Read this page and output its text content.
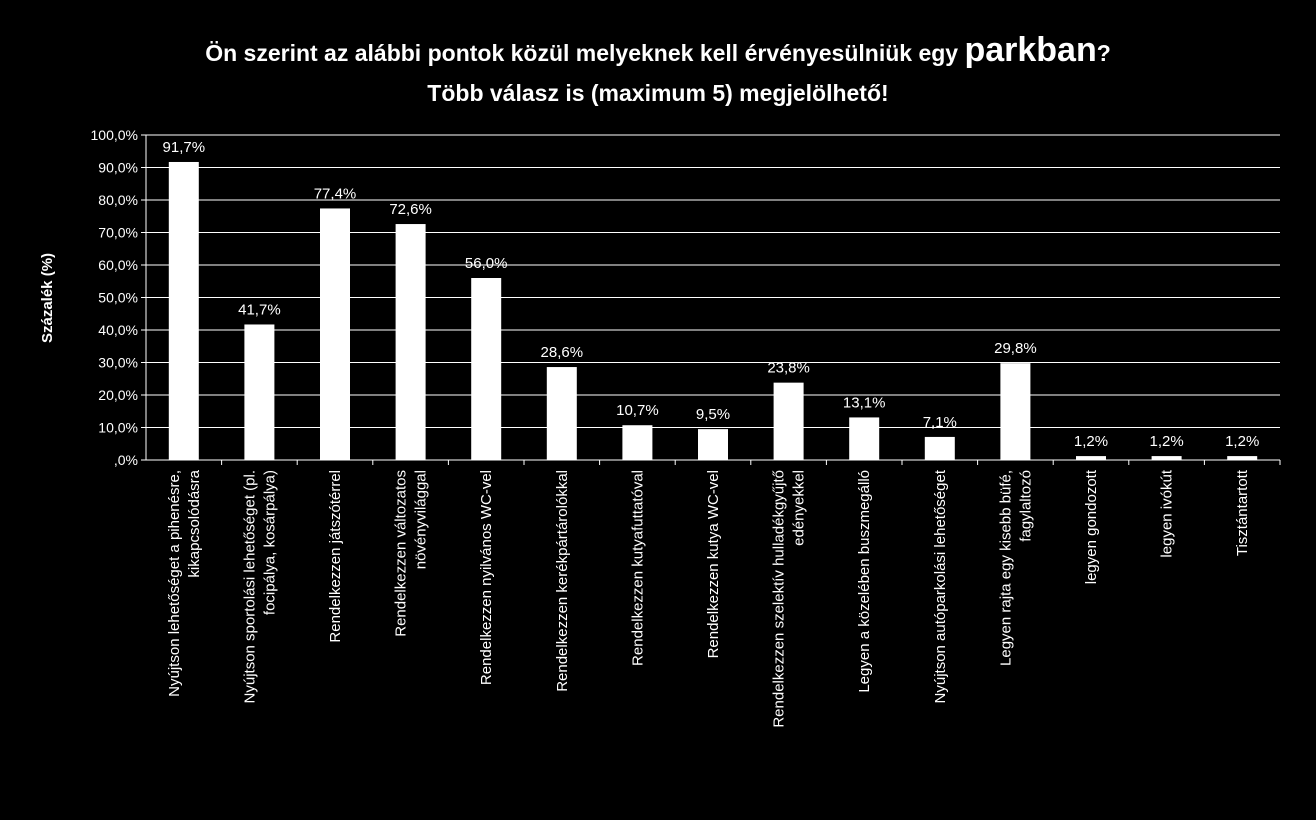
Ön szerint az alábbi pontok közül melyeknek kell érvényesülniük egy parkban?
Több válasz is (maximum 5) megjelölhető!
,0%
10,0%
20,0%
30,0%
40,0%
50,0%
60,0%
70,0%
80,0%
90,0%
100,0%
91,7%
41,7%
77,4%
72,6%
56,0%
28,6%
10,7% 9,5%
23,8%
13,1%
7,1%
29,8%
1,2%	1,2%	1,2%
Nyújtson lehetőséget a pihenésre, kikapcsolódásra	Nyújtson sportolási lehetőséget (pl. focipálya, kosárpálya)	Rendelkezzen játszótérrel	Rendelkezzen változatos növényvilággal	Rendelkezzen nyilvános WC-vel	Rendelkezzen kerékpártárolókkal	Rendelkezzen kutyafuttatóval	Rendelkezzen kutya WC-vel	Rendelkezzen szelektív hulladékgyűjtő edényekkel	Legyen a közelében buszmegálló	Nyújtson autóparkolási lehetőséget	Legyen rajta egy kisebb büfé, fagylaltozó	legyen gondozott	legyen ivókút	Tisztántartott
Százalék (%)
